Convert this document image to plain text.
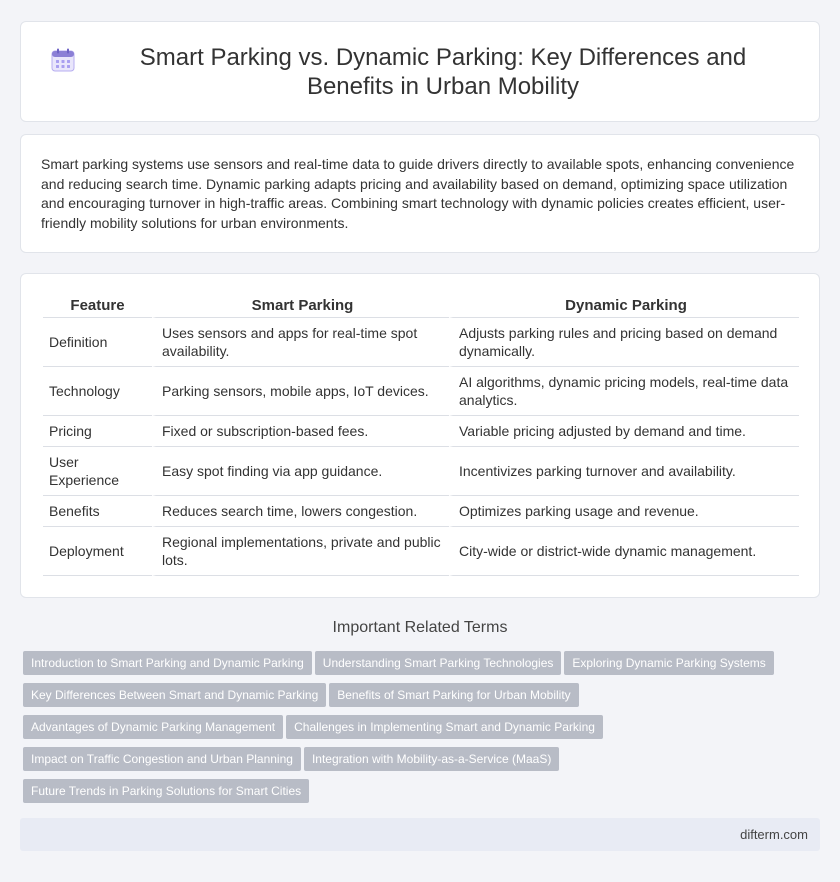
Smart Parking vs. Dynamic Parking: Key Differences and Benefits in Urban Mobility

Smart parking systems use sensors and real-time data to guide drivers directly to available spots, enhancing convenience and reducing search time. Dynamic parking adapts pricing and availability based on demand, optimizing space utilization and encouraging turnover in high-traffic areas. Combining smart technology with dynamic policies creates efficient, user-friendly mobility solutions for urban environments.

Feature	Smart Parking	Dynamic Parking
Definition	Uses sensors and apps for real-time spot availability.	Adjusts parking rules and pricing based on demand dynamically.
Technology	Parking sensors, mobile apps, IoT devices.	AI algorithms, dynamic pricing models, real-time data analytics.
Pricing	Fixed or subscription-based fees.	Variable pricing adjusted by demand and time.
User Experience	Easy spot finding via app guidance.	Incentivizes parking turnover and availability.
Benefits	Reduces search time, lowers congestion.	Optimizes parking usage and revenue.
Deployment	Regional implementations, private and public lots.	City-wide or district-wide dynamic management.
Important Related Terms
Introduction to Smart Parking and Dynamic Parking Understanding Smart Parking Technologies Exploring Dynamic Parking Systems
Key Differences Between Smart and Dynamic Parking Benefits of Smart Parking for Urban Mobility
Advantages of Dynamic Parking Management Challenges in Implementing Smart and Dynamic Parking
Impact on Traffic Congestion and Urban Planning Integration with Mobility-as-a-Service (MaaS)
Future Trends in Parking Solutions for Smart Cities
difterm.com
